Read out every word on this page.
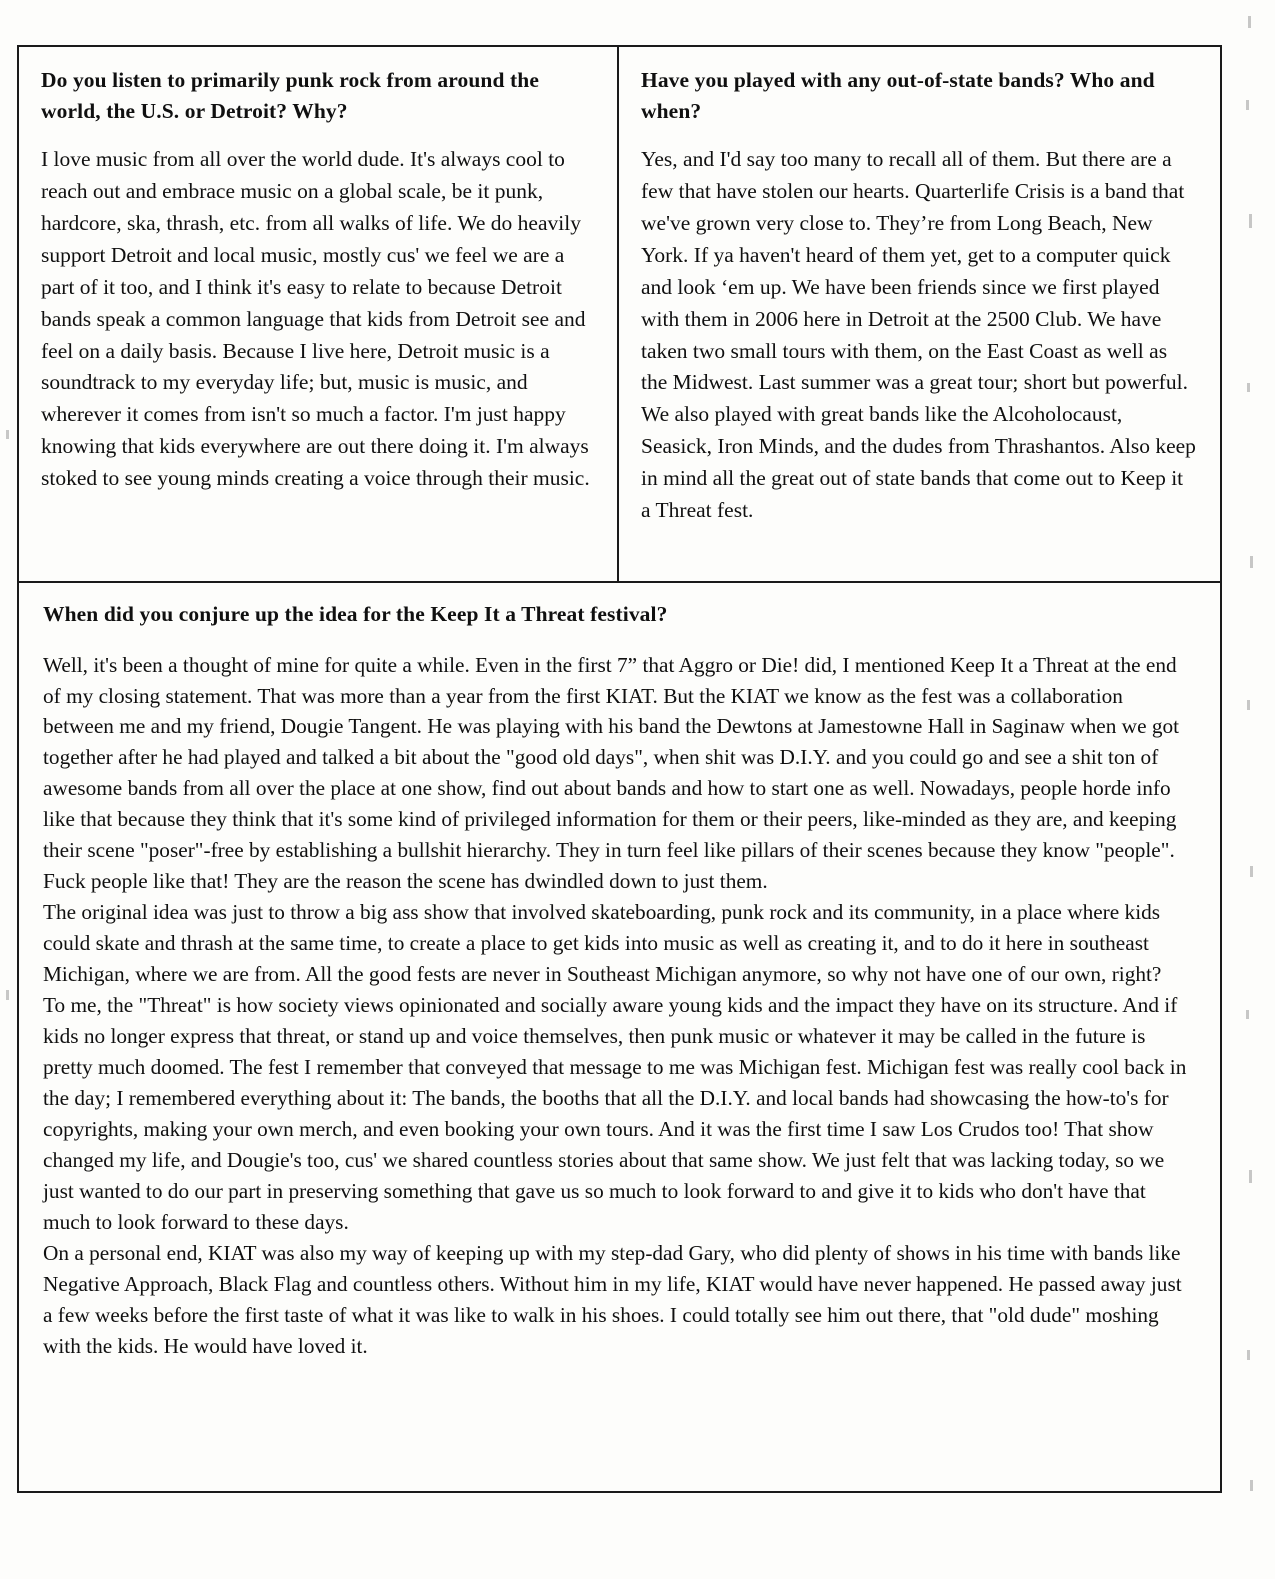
Do you listen to primarily punk rock from around the world, the U.S. or Detroit? Why?

I love music from all over the world dude. It's always cool to reach out and embrace music on a global scale, be it punk, hardcore, ska, thrash, etc. from all walks of life. We do heavily support Detroit and local music, mostly cus' we feel we are a part of it too, and I think it's easy to relate to because Detroit bands speak a common language that kids from Detroit see and feel on a daily basis. Because I live here, Detroit music is a soundtrack to my everyday life; but, music is music, and wherever it comes from isn't so much a factor. I'm just happy knowing that kids everywhere are out there doing it. I'm always stoked to see young minds creating a voice through their music.

Have you played with any out-of-state bands? Who and when?

Yes, and I'd say too many to recall all of them. But there are a few that have stolen our hearts. Quarterlife Crisis is a band that we've grown very close to. They’re from Long Beach, New York. If ya haven't heard of them yet, get to a computer quick and look ‘em up. We have been friends since we first played with them in 2006 here in Detroit at the 2500 Club. We have taken two small tours with them, on the East Coast as well as the Midwest. Last summer was a great tour; short but powerful. We also played with great bands like the Alcoholocaust, Seasick, Iron Minds, and the dudes from Thrashantos. Also keep in mind all the great out of state bands that come out to Keep it a Threat fest.

When did you conjure up the idea for the Keep It a Threat festival?

Well, it's been a thought of mine for quite a while. Even in the first 7” that Aggro or Die! did, I mentioned Keep It a Threat at the end of my closing statement. That was more than a year from the first KIAT. But the KIAT we know as the fest was a collaboration between me and my friend, Dougie Tangent. He was playing with his band the Dewtons at Jamestowne Hall in Saginaw when we got together after he had played and talked a bit about the "good old days", when shit was D.I.Y. and you could go and see a shit ton of awesome bands from all over the place at one show, find out about bands and how to start one as well. Nowadays, people horde info like that because they think that it's some kind of privileged information for them or their peers, like-minded as they are, and keeping their scene "poser"-free by establishing a bullshit hierarchy. They in turn feel like pillars of their scenes because they know "people". Fuck people like that! They are the reason the scene has dwindled down to just them.

The original idea was just to throw a big ass show that involved skateboarding, punk rock and its community, in a place where kids could skate and thrash at the same time, to create a place to get kids into music as well as creating it, and to do it here in southeast Michigan, where we are from. All the good fests are never in Southeast Michigan anymore, so why not have one of our own, right?

To me, the "Threat" is how society views opinionated and socially aware young kids and the impact they have on its structure. And if kids no longer express that threat, or stand up and voice themselves, then punk music or whatever it may be called in the future is pretty much doomed. The fest I remember that conveyed that message to me was Michigan fest. Michigan fest was really cool back in the day; I remembered everything about it: The bands, the booths that all the D.I.Y. and local bands had showcasing the how-to's for copyrights, making your own merch, and even booking your own tours. And it was the first time I saw Los Crudos too! That show changed my life, and Dougie's too, cus' we shared countless stories about that same show. We just felt that was lacking today, so we just wanted to do our part in preserving something that gave us so much to look forward to and give it to kids who don't have that much to look forward to these days.

On a personal end, KIAT was also my way of keeping up with my step-dad Gary, who did plenty of shows in his time with bands like Negative Approach, Black Flag and countless others. Without him in my life, KIAT would have never happened. He passed away just a few weeks before the first taste of what it was like to walk in his shoes. I could totally see him out there, that "old dude" moshing with the kids. He would have loved it.
